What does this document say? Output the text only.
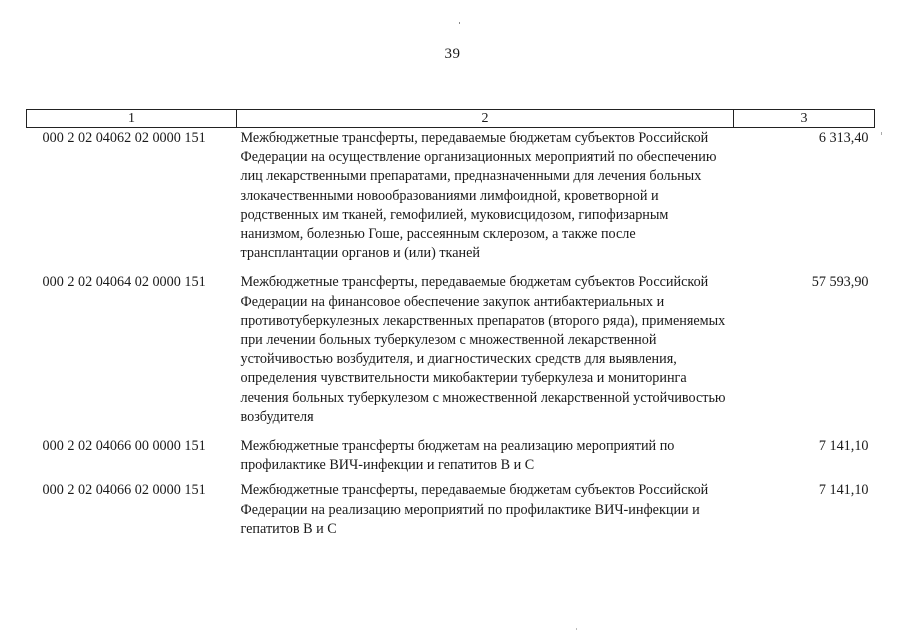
39
1	2	3
000 2 02 04062 02 0000 151	Межбюджетные трансферты, передаваемые бюджетам субъектов Российской Федерации на осуществление организационных мероприятий по обеспечению лиц лекарственными препаратами, предназначенными для лечения больных злокачественными новообразованиями лимфоидной, кроветворной и родственных им тканей, гемофилией, муковисцидозом, гипофизарным нанизмом, болезнью Гоше, рассеянным склерозом, а также после трансплантации органов и (или) тканей	6 313,40
000 2 02 04064 02 0000 151	Межбюджетные трансферты, передаваемые бюджетам субъектов Российской Федерации на финансовое обеспечение закупок антибактериальных и противотуберкулезных лекарственных препаратов (второго ряда), применяемых при лечении больных туберкулезом с множественной лекарственной устойчивостью возбудителя, и диагностических средств для выявления, определения чувствительности микобактерии туберкулеза и мониторинга лечения больных туберкулезом с множественной лекарственной устойчивостью возбудителя	57 593,90
000 2 02 04066 00 0000 151	Межбюджетные трансферты бюджетам на реализацию мероприятий по профилактике ВИЧ-инфекции и гепатитов В и С	7 141,10
000 2 02 04066 02 0000 151	Межбюджетные трансферты, передаваемые бюджетам субъектов Российской Федерации на реализацию мероприятий по профилактике ВИЧ-инфекции и гепатитов В и С	7 141,10
